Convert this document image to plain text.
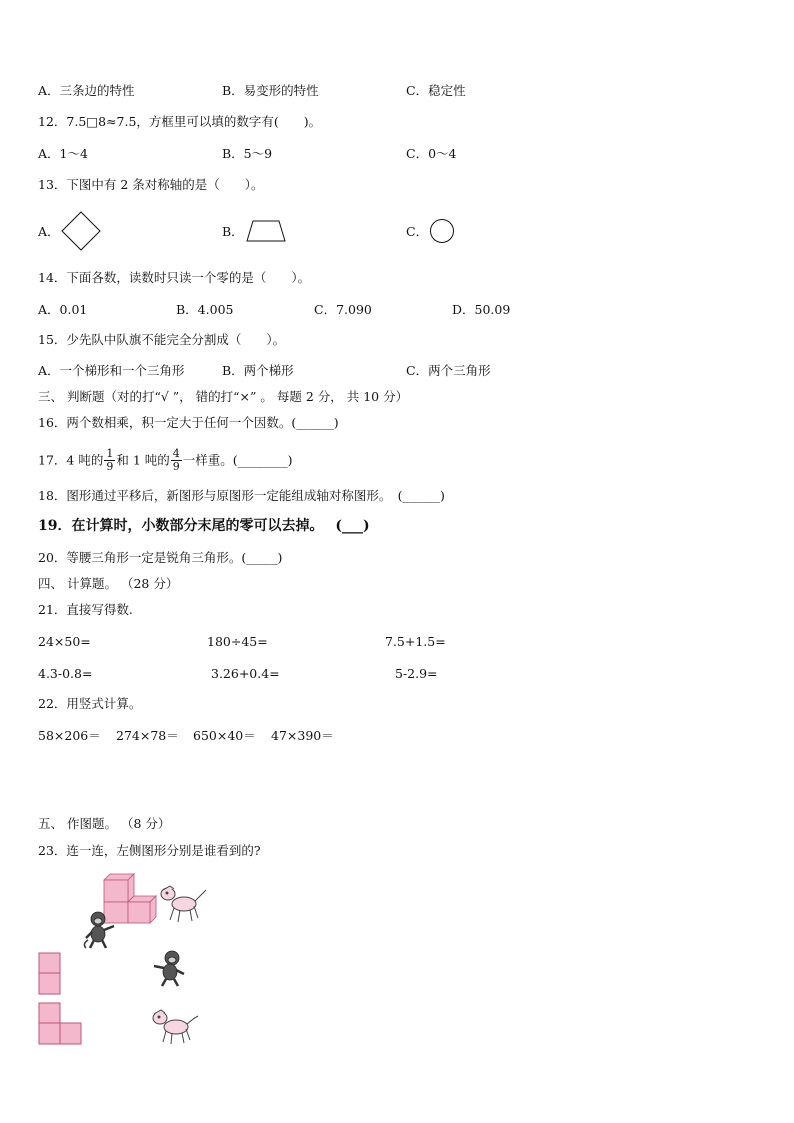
A．三条边的特性	B．易变形的特性	C．稳定性
12．7.5□8≈7.5，方框里可以填的数字有(　　)。
A．1～4	B．5～9	C．0～4
13．下图中有 2 条对称轴的是（　　）。
A．	B．	C．
14．下面各数，读数时只读一个零的是（　　）。
A．0.01	B．4.005	C．7.090	D．50.09
15．少先队中队旗不能完全分割成（　　）。
A．一个梯形和一个三角形	B．两个梯形	C．两个三角形
三、 判断题（对的打“√ ”， 错的打“×” 。 每题 2 分， 共 10 分）
16．两个数相乘，积一定大于任何一个因数。(______)
17．4 吨的 $\frac{1}{9}$ 和 1 吨的 $\frac{4}{9}$ 一样重。(________)
18．图形通过平移后，新图形与原图形一定能组成轴对称图形。　(______)
19．在计算时，小数部分末尾的零可以去掉。　 (___)
20．等腰三角形一定是锐角三角形。(_____)
四、 计算题。 （28 分）
21．直接写得数.
24×50=	180÷45=	7.5+1.5=
4.3-0.8=	3.26+0.4=	5-2.9=
22．用竖式计算。
58×206＝ 274×78＝ 650×40＝ 47×390＝
五、 作图题。 （8 分）
23．连一连，左侧图形分别是谁看到的?
